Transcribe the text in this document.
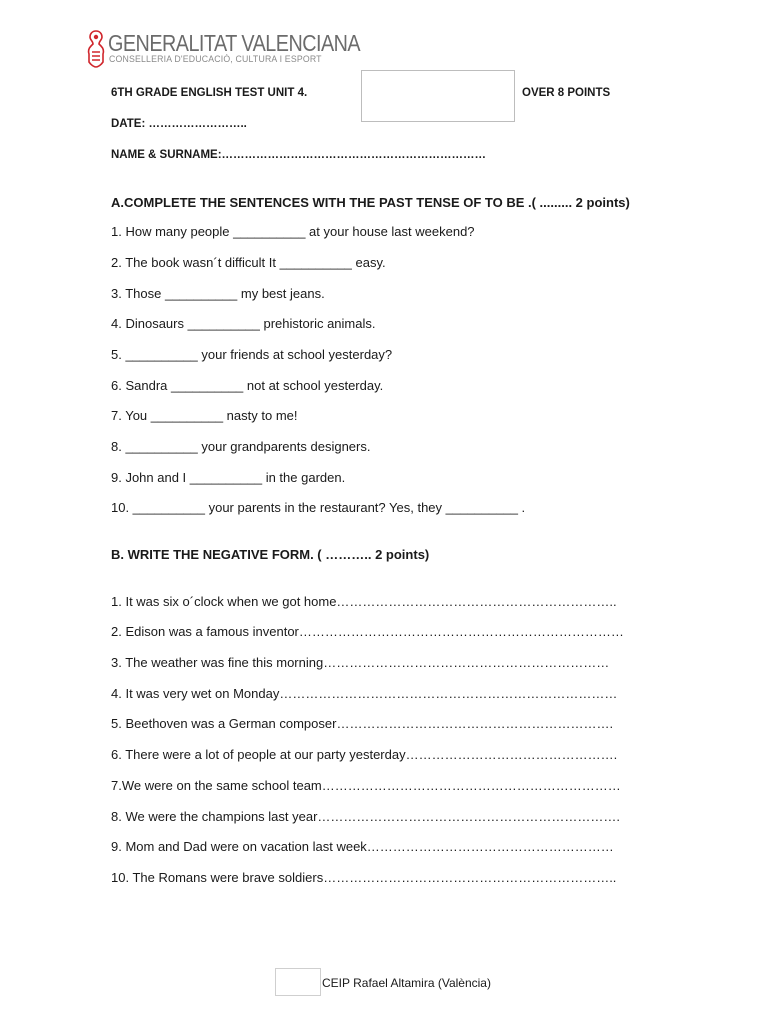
GENERALITAT VALENCIANA
CONSELLERIA D'EDUCACIÓ, CULTURA I ESPORT
6TH GRADE ENGLISH TEST UNIT 4.	OVER 8 POINTS
DATE: ……………………..
NAME & SURNAME:……………………………………………………………
A.COMPLETE THE SENTENCES WITH THE PAST TENSE OF TO BE .( ......... 2 points)
1. How many people __________ at your house last weekend?
2. The book wasn´t difficult It __________ easy.
3. Those __________ my best jeans.
4. Dinosaurs __________ prehistoric animals.
5. __________ your friends at school yesterday?
6. Sandra __________ not at school yesterday.
7. You __________ nasty to me!
8. __________ your grandparents designers.
9. John and I __________ in the garden.
10. __________ your parents in the restaurant? Yes, they __________ .
B. WRITE THE NEGATIVE FORM. ( ……….. 2 points)
1. It was six o´clock when we got home………………………………………………………..
2. Edison was a famous inventor…………………………………………………………………
3. The weather was fine this morning…………………………………………………………
4. It was very wet on Monday……………………………………………………………………
5. Beethoven was a German composer……………………………………………………….
6. There were a lot of people at our party yesterday………………………………………….
7.We were on the same school team……………………………………………………………
8. We were the champions last year…………………………………………………………….
9. Mom and Dad were on vacation last week…………………………………………………
10. The Romans were brave soldiers…………………………………………………………..
CEIP Rafael Altamira (València)
